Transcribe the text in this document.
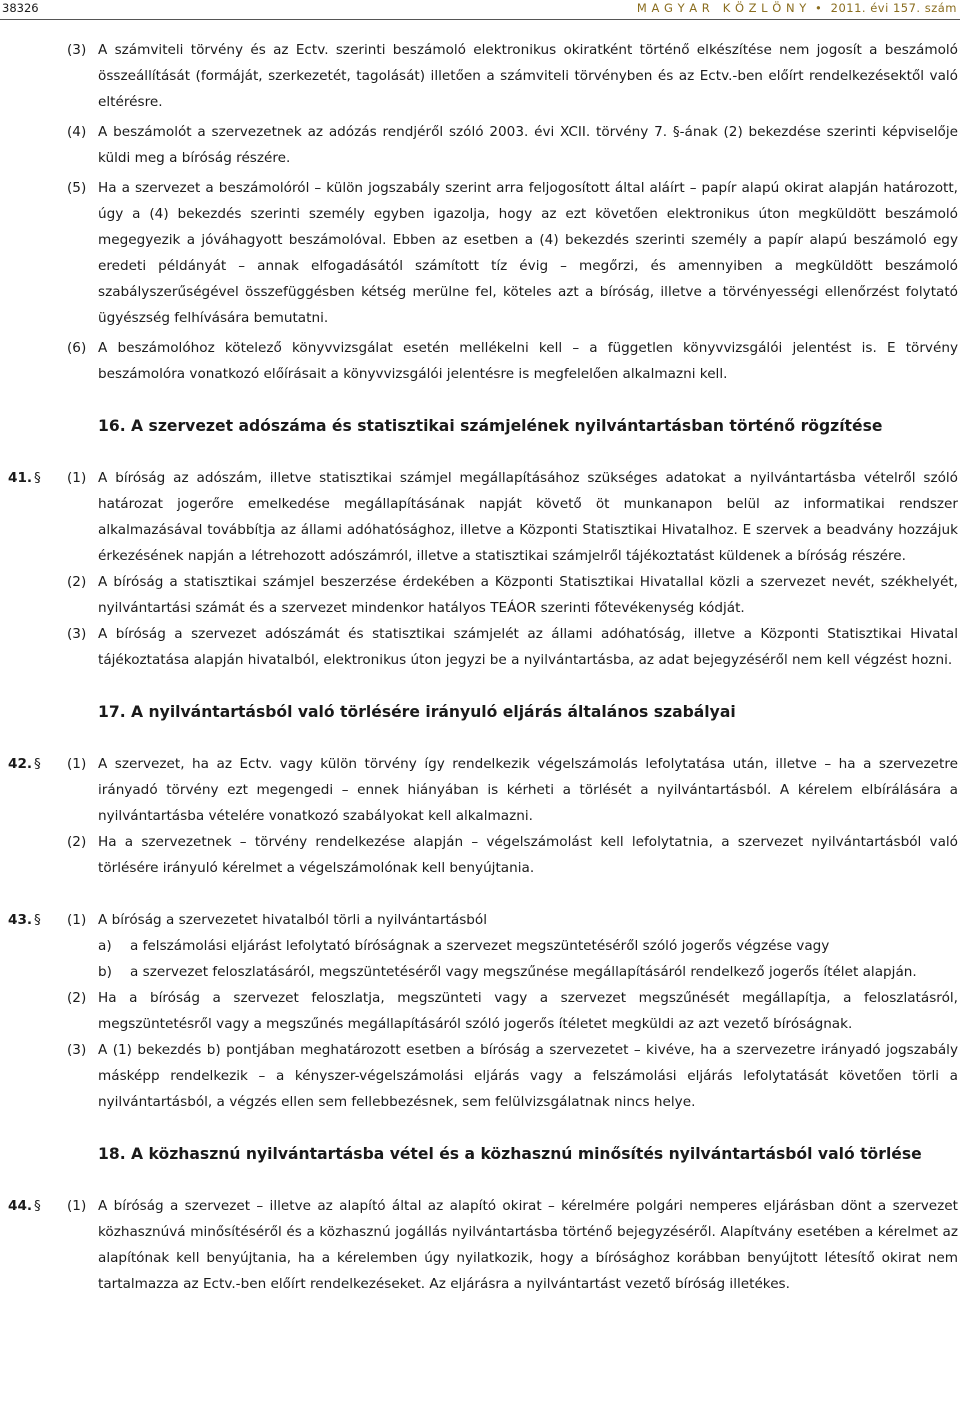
38326	M A G Y A R   K Ö Z L Ö N Y  •  2011. évi 157. szám
(3) A számviteli törvény és az Ectv. szerinti beszámoló elektronikus okiratként történő elkészítése nem jogosít a beszámoló összeállítását (formáját, szerkezetét, tagolását) illetően a számviteli törvényben és az Ectv.-ben előírt rendelkezésektől való eltérésre.

(4) A beszámolót a szervezetnek az adózás rendjéről szóló 2003. évi XCII. törvény 7. §-ának (2) bekezdése szerinti képviselője küldi meg a bíróság részére.

(5) Ha a szervezet a beszámolóról – külön jogszabály szerint arra feljogosított által aláírt – papír alapú okirat alapján határozott, úgy a (4) bekezdés szerinti személy egyben igazolja, hogy az ezt követően elektronikus úton megküldött beszámoló megegyezik a jóváhagyott beszámolóval. Ebben az esetben a (4) bekezdés szerinti személy a papír alapú beszámoló egy eredeti példányát – annak elfogadásától számított tíz évig – megőrzi, és amennyiben a megküldött beszámoló szabályszerűségével összefüggésben kétség merülne fel, köteles azt a bíróság, illetve a törvényességi ellenőrzést folytató ügyészség felhívására bemutatni.

(6) A beszámolóhoz kötelező könyvvizsgálat esetén mellékelni kell – a független könyvvizsgálói jelentést is. E törvény beszámolóra vonatkozó előírásait a könyvvizsgálói jelentésre is megfelelően alkalmazni kell.

16. A szervezet adószáma és statisztikai számjelének nyilvántartásban történő rögzítése
41. § (1) A bíróság az adószám, illetve statisztikai számjel megállapításához szükséges adatokat a nyilvántartásba vételről szóló határozat jogerőre emelkedése megállapításának napját követő öt munkanapon belül az informatikai rendszer alkalmazásával továbbítja az állami adóhatósághoz, illetve a Központi Statisztikai Hivatalhoz. E szervek a beadvány hozzájuk érkezésének napján a létrehozott adószámról, illetve a statisztikai számjelről tájékoztatást küldenek a bíróság részére.

(2) A bíróság a statisztikai számjel beszerzése érdekében a Központi Statisztikai Hivatallal közli a szervezet nevét, székhelyét, nyilvántartási számát és a szervezet mindenkor hatályos TEÁOR szerinti főtevékenység kódját.

(3) A bíróság a szervezet adószámát és statisztikai számjelét az állami adóhatóság, illetve a Központi Statisztikai Hivatal tájékoztatása alapján hivatalból, elektronikus úton jegyzi be a nyilvántartásba, az adat bejegyzéséről nem kell végzést hozni.

17. A nyilvántartásból való törlésére irányuló eljárás általános szabályai
42. § (1) A szervezet, ha az Ectv. vagy külön törvény így rendelkezik végelszámolás lefolytatása után, illetve – ha a szervezetre irányadó törvény ezt megengedi – ennek hiányában is kérheti a törlését a nyilvántartásból. A kérelem elbírálására a nyilvántartásba vételére vonatkozó szabályokat kell alkalmazni.

(2) Ha a szervezetnek – törvény rendelkezése alapján – végelszámolást kell lefolytatnia, a szervezet nyilvántartásból való törlésére irányuló kérelmet a végelszámolónak kell benyújtania.

43. § (1) A bíróság a szervezetet hivatalból törli a nyilvántartásból

a) a felszámolási eljárást lefolytató bíróságnak a szervezet megszüntetéséről szóló jogerős végzése vagy

b) a szervezet feloszlatásáról, megszüntetéséről vagy megszűnése megállapításáról rendelkező jogerős ítélet alapján.

(2) Ha a bíróság a szervezet feloszlatja, megszünteti vagy a szervezet megszűnését megállapítja, a feloszlatásról, megszüntetésről vagy a megszűnés megállapításáról szóló jogerős ítéletet megküldi az azt vezető bíróságnak.

(3) A (1) bekezdés b) pontjában meghatározott esetben a bíróság a szervezetet – kivéve, ha a szervezetre irányadó jogszabály másképp rendelkezik – a kényszer-végelszámolási eljárás vagy a felszámolási eljárás lefolytatását követően törli a nyilvántartásból, a végzés ellen sem fellebbezésnek, sem felülvizsgálatnak nincs helye.

18. A közhasznú nyilvántartásba vétel és a közhasznú minősítés nyilvántartásból való törlése
44. § (1) A bíróság a szervezet – illetve az alapító által az alapító okirat – kérelmére polgári nemperes eljárásban dönt a szervezet közhasznúvá minősítéséről és a közhasznú jogállás nyilvántartásba történő bejegyzéséről. Alapítvány esetében a kérelmet az alapítónak kell benyújtania, ha a kérelemben úgy nyilatkozik, hogy a bírósághoz korábban benyújtott létesítő okirat nem tartalmazza az Ectv.-ben előírt rendelkezéseket. Az eljárásra a nyilvántartást vezető bíróság illetékes.
